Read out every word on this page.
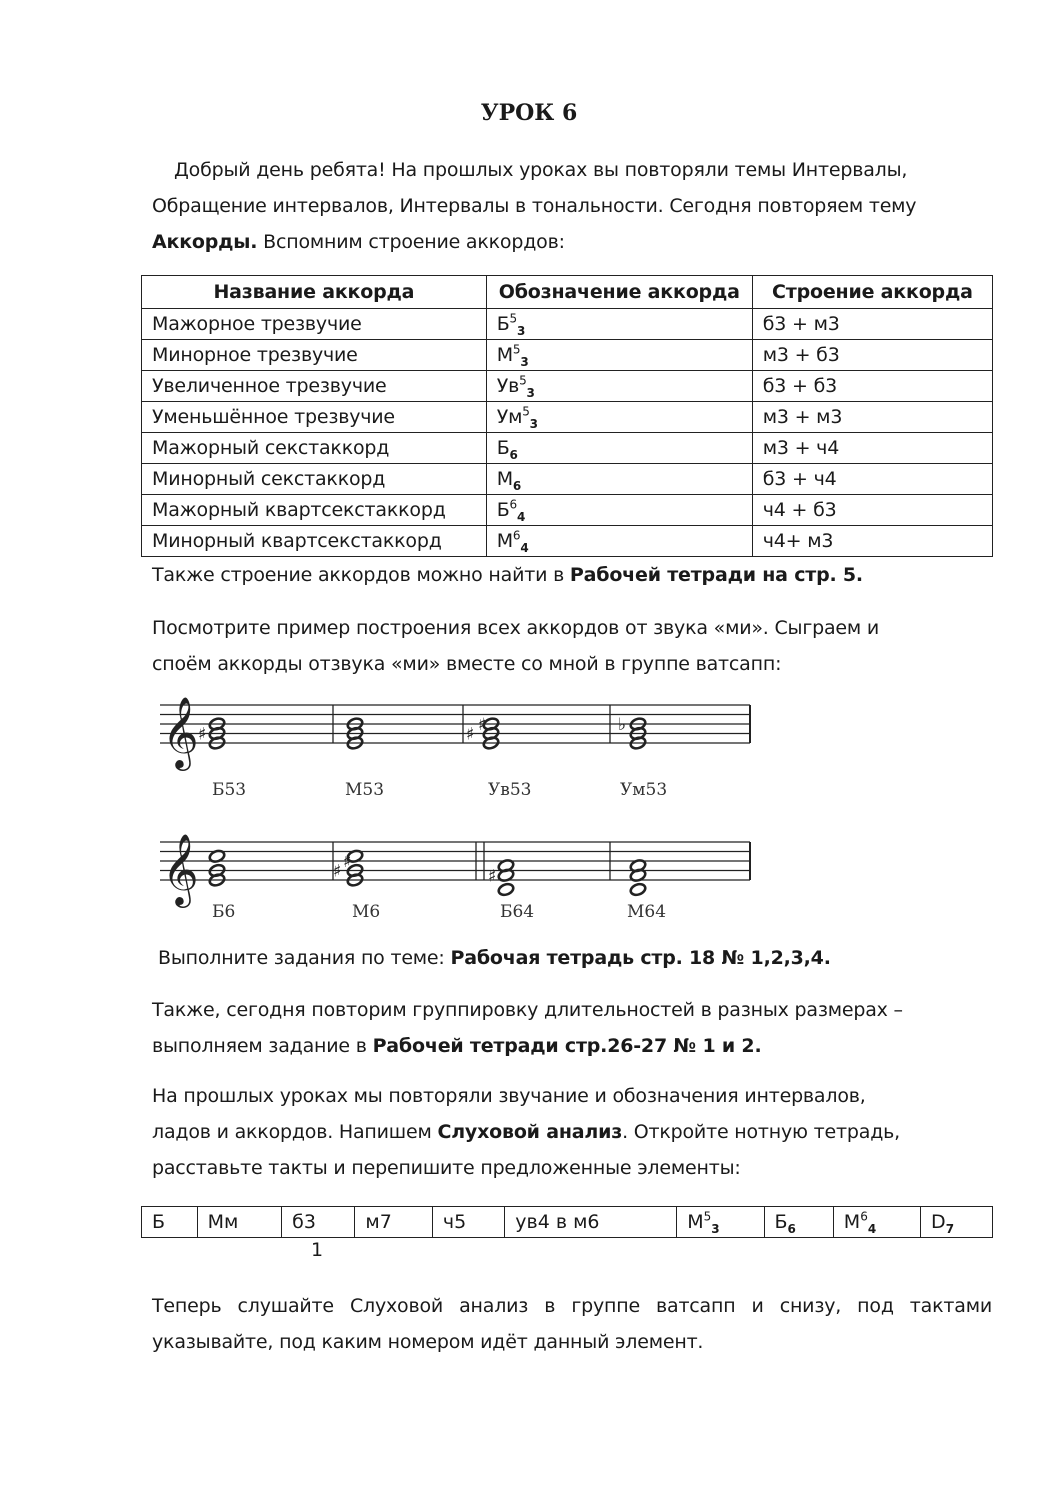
УРОК 6
Добрый день ребята! На прошлых уроках вы повторяли темы Интервалы,
Обращение интервалов, Интервалы в тональности. Сегодня повторяем тему
Аккорды. Вспомним строение аккордов:
Название аккорда	Обозначение аккорда	Строение аккорда
Мажорное трезвучие	$Б^5_3$	б3 + м3
Минорное трезвучие	$М^5_3$	м3 + б3
Увеличенное трезвучие	$Ув^5_3$	б3 + б3
Уменьшённое трезвучие	$Ум^5_3$	м3 + м3
Мажорный секстаккорд	$Б_6$	м3 + ч4
Минорный секстаккорд	$М_6$	б3 + ч4
Мажорный квартсекстаккорд	$Б^6_4$	ч4 + б3
Минорный квартсекстаккорд	$М^6_4$	ч4+ м3
Также строение аккордов можно найти в Рабочей тетради на стр. 5.
Посмотрите пример построения всех аккордов от звука «ми». Сыграем и
споём аккорды отзвука «ми» вместе со мной в группе ватсапп:
𝄞
𝄞
♯	♯ ♯	♭
♯ ♯
♯
Б53	М53	Ув53	Ум53
Б6	М6	Б64	М64
Выполните задания по теме: Рабочая тетрадь стр. 18 № 1,2,3,4.
Также, сегодня повторим группировку длительностей в разных размерах –
выполняем задание в Рабочей тетради стр.26-27 № 1 и 2.
На прошлых уроках мы повторяли звучание и обозначения интервалов,
ладов и аккордов. Напишем Слуховой анализ. Откройте нотную тетрадь,
расставьте такты и перепишите предложенные элементы:
Б	Мм	б3	м7	ч5	ув4 в м6	$М^5_3$	$Б_6$	$М^6_4$	$D_7$
1
Теперь слушайте Слуховой анализ в группе ватсапп и снизу, под тактами
указывайте, под каким номером идёт данный элемент.
